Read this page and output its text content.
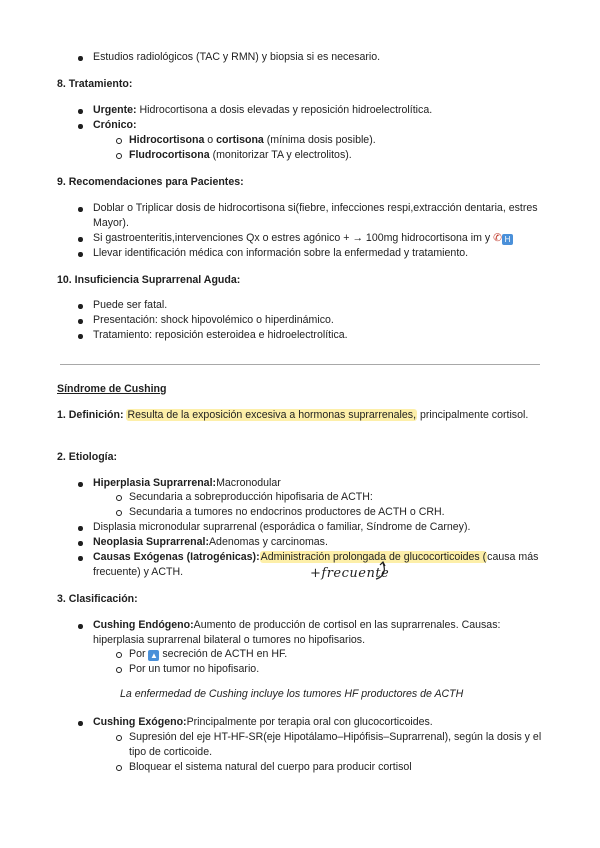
Estudios radiológicos (TAC y RMN) y biopsia si es necesario.
8. Tratamiento:
Urgente: Hidrocortisona a dosis elevadas y reposición hidroelectrolítica.
Crónico:
Hidrocortisona o cortisona (mínima dosis posible).
Fludrocortisona (monitorizar TA y electrolitos).
9. Recomendaciones para Pacientes:
Doblar o Triplicar dosis de hidrocortisona si(fiebre, infecciones respi,extracción dentaria, estres Mayor).
Si gastroenteritis,intervenciones Qx o estres agónico + → 100mg hidrocortisona im y ✆ H
Llevar identificación médica con información sobre la enfermedad y tratamiento.
10. Insuficiencia Suprarrenal Aguda:
Puede ser fatal.
Presentación: shock hipovolémico o hiperdinámico.
Tratamiento: reposición esteroidea e hidroelectrolítica.
Síndrome de Cushing
1. Definición: Resulta de la exposición excesiva a hormonas suprarrenales, principalmente cortisol.
2. Etiología:
Hiperplasia Suprarrenal:Macronodular
Secundaria a sobreproducción hipofisaria de ACTH:
Secundaria a tumores no endocrinos productores de ACTH o CRH.
Displasia micronodular suprarrenal (esporádica o familiar, Síndrome de Carney).
Neoplasia Suprarrenal:Adenomas y carcinomas.
Causas Exógenas (Iatrogénicas):Administración prolongada de glucocorticoides (causa más frecuente) y ACTH.	+frecuente
3. Clasificación:
Cushing Endógeno:Aumento de producción de cortisol en las suprarrenales. Causas: hiperplasia suprarrenal bilateral o tumores no hipofisarios.
Por ▲ secreción de ACTH en HF.
Por un tumor no hipofisario.
La enfermedad de Cushing incluye los tumores HF productores de ACTH
Cushing Exógeno:Principalmente por terapia oral con glucocorticoides.
Supresión del eje HT-HF-SR(eje Hipotálamo–Hipófisis–Suprarrenal), según la dosis y el tipo de corticoide.
Bloquear el sistema natural del cuerpo para producir cortisol
